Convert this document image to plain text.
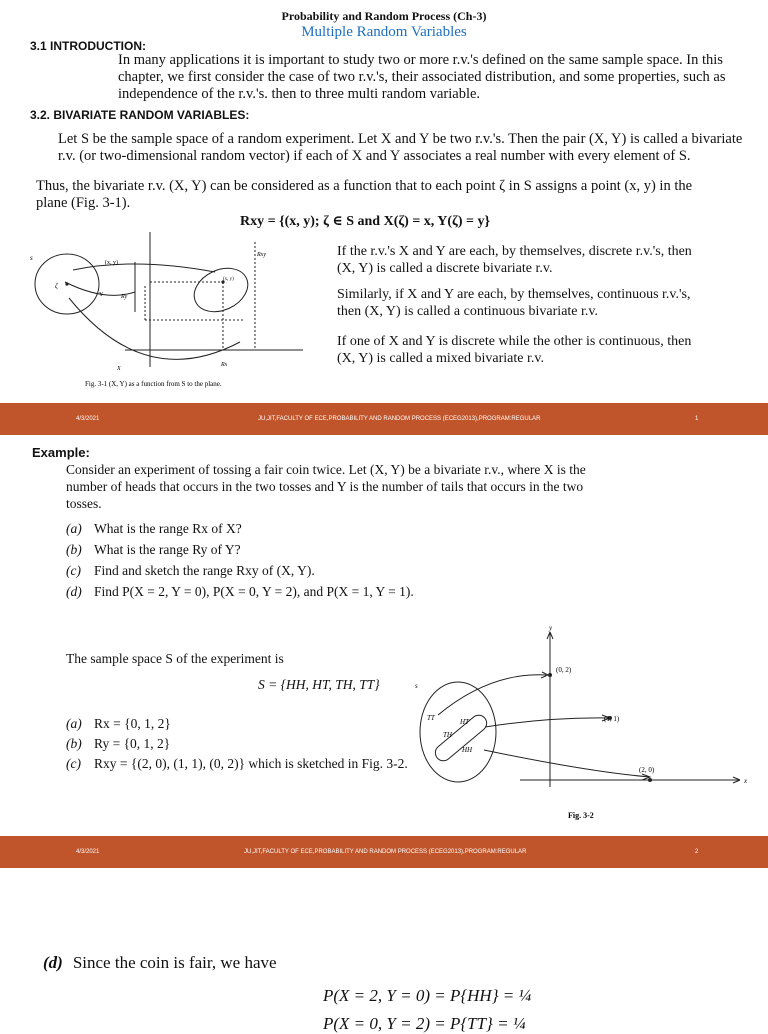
Probability and Random Process (Ch-3)
Multiple Random Variables
3.1 INTRODUCTION:
In many applications it is important to study two or more r.v.'s defined on the same sample space. In this
chapter, we first consider the case of two r.v.'s, their associated distribution, and some properties, such as
independence of the r.v.'s. then to three multi random variable.
3.2. BIVARIATE RANDOM VARIABLES:
Let S be the sample space of a random experiment. Let X and Y be two r.v.'s. Then the pair (X, Y) is called a bivariate
r.v. (or two-dimensional random vector) if each of X and Y associates a real number with every element of S.
Thus, the bivariate r.v. (X, Y) can be considered as a function that to each point ζ in S assigns a point (x, y) in the
plane (Fig. 3-1).
Rxy = {(x, y); ζ ∈ S and X(ζ) = x, Y(ζ) = y}
s
ζ
(x, y)
(x, y)
Rxy
Y	Ry
X
Rx
Fig. 3-1 (X, Y) as a function from S to the plane.
If the r.v.'s X and Y are each, by themselves, discrete r.v.'s, then
(X, Y) is called a discrete bivariate r.v.
Similarly, if X and Y are each, by themselves, continuous r.v.'s,
then (X, Y) is called a continuous bivariate r.v.
If one of X and Y is discrete while the other is continuous, then
(X, Y) is called a mixed bivariate r.v.
4/3/2021	JU,JIT,FACULTY OF ECE,PROBABILITY AND RANDOM PROCESS (ECEG2013),PROGRAM:REGULAR	1
Example:
Consider an experiment of tossing a fair coin twice. Let (X, Y) be a bivariate r.v., where X is the
number of heads that occurs in the two tosses and Y is the number of tails that occurs in the two
tosses.
(a) What is the range Rx of X?
(b) What is the range Ry of Y?
(c) Find and sketch the range Rxy of (X, Y).
(d) Find P(X = 2, Y = 0), P(X = 0, Y = 2), and P(X = 1, Y = 1).
The sample space S of the experiment is
S = {HH, HT, TH, TT}
(a) Rx = {0, 1, 2}
(b) Ry = {0, 1, 2}
(c) Rxy = {(2, 0), (1, 1), (0, 2)} which is sketched in Fig. 3-2.
y
x
s
(0, 2)
(1, 1)
(2, 0)
TT	HT
TH
HH
Fig. 3-2
4/3/2021	JU,JIT,FACULTY OF ECE,PROBABILITY AND RANDOM PROCESS (ECEG2013),PROGRAM:REGULAR	2
(d) Since the coin is fair, we have
P(X = 2, Y = 0) = P{HH} = ¼
P(X = 0, Y = 2) = P{TT} = ¼
